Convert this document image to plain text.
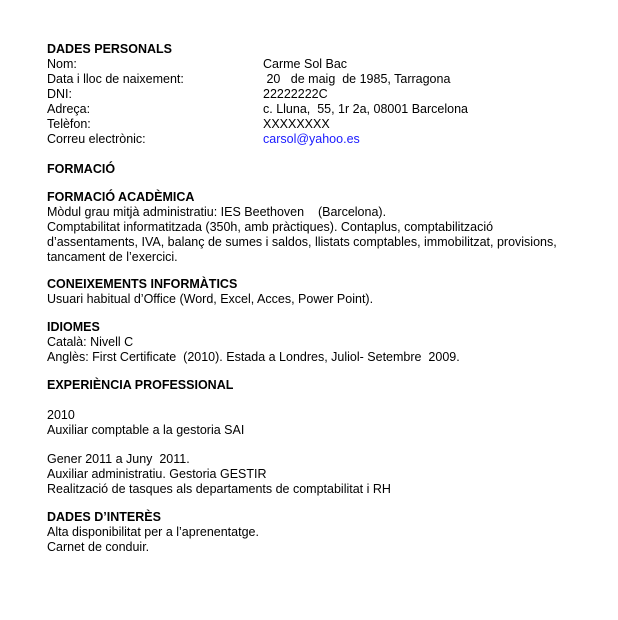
DADES PERSONALS
Nom:	Carme Sol Bac
Data i lloc de naixement:	20   de maig  de 1985, Tarragona
DNI:	22222222C
Adreça:	c. Lluna,  55, 1r 2a, 08001 Barcelona
Telèfon:	XXXXXXXX
Correu electrònic:	carsol@yahoo.es
FORMACIÓ
FORMACIÓ ACADÈMICA
Mòdul grau mitjà administratiu: IES Beethoven    (Barcelona).
Comptabilitat informatitzada (350h, amb pràctiques). Contaplus, comptabilització
d’assentaments, IVA, balanç de sumes i saldos, llistats comptables, immobilitzat, provisions,
tancament de l’exercici.
CONEIXEMENTS INFORMÀTICS
Usuari habitual d’Office (Word, Excel, Acces, Power Point).
IDIOMES
Català: Nivell C
Anglès: First Certificate  (2010). Estada a Londres, Juliol- Setembre  2009.
EXPERIÈNCIA PROFESSIONAL
2010
Auxiliar comptable a la gestoria SAI
Gener 2011 a Juny  2011.
Auxiliar administratiu. Gestoria GESTIR
Realització de tasques als departaments de comptabilitat i RH
DADES D’INTERÈS
Alta disponibilitat per a l’aprenentatge.
Carnet de conduir.
